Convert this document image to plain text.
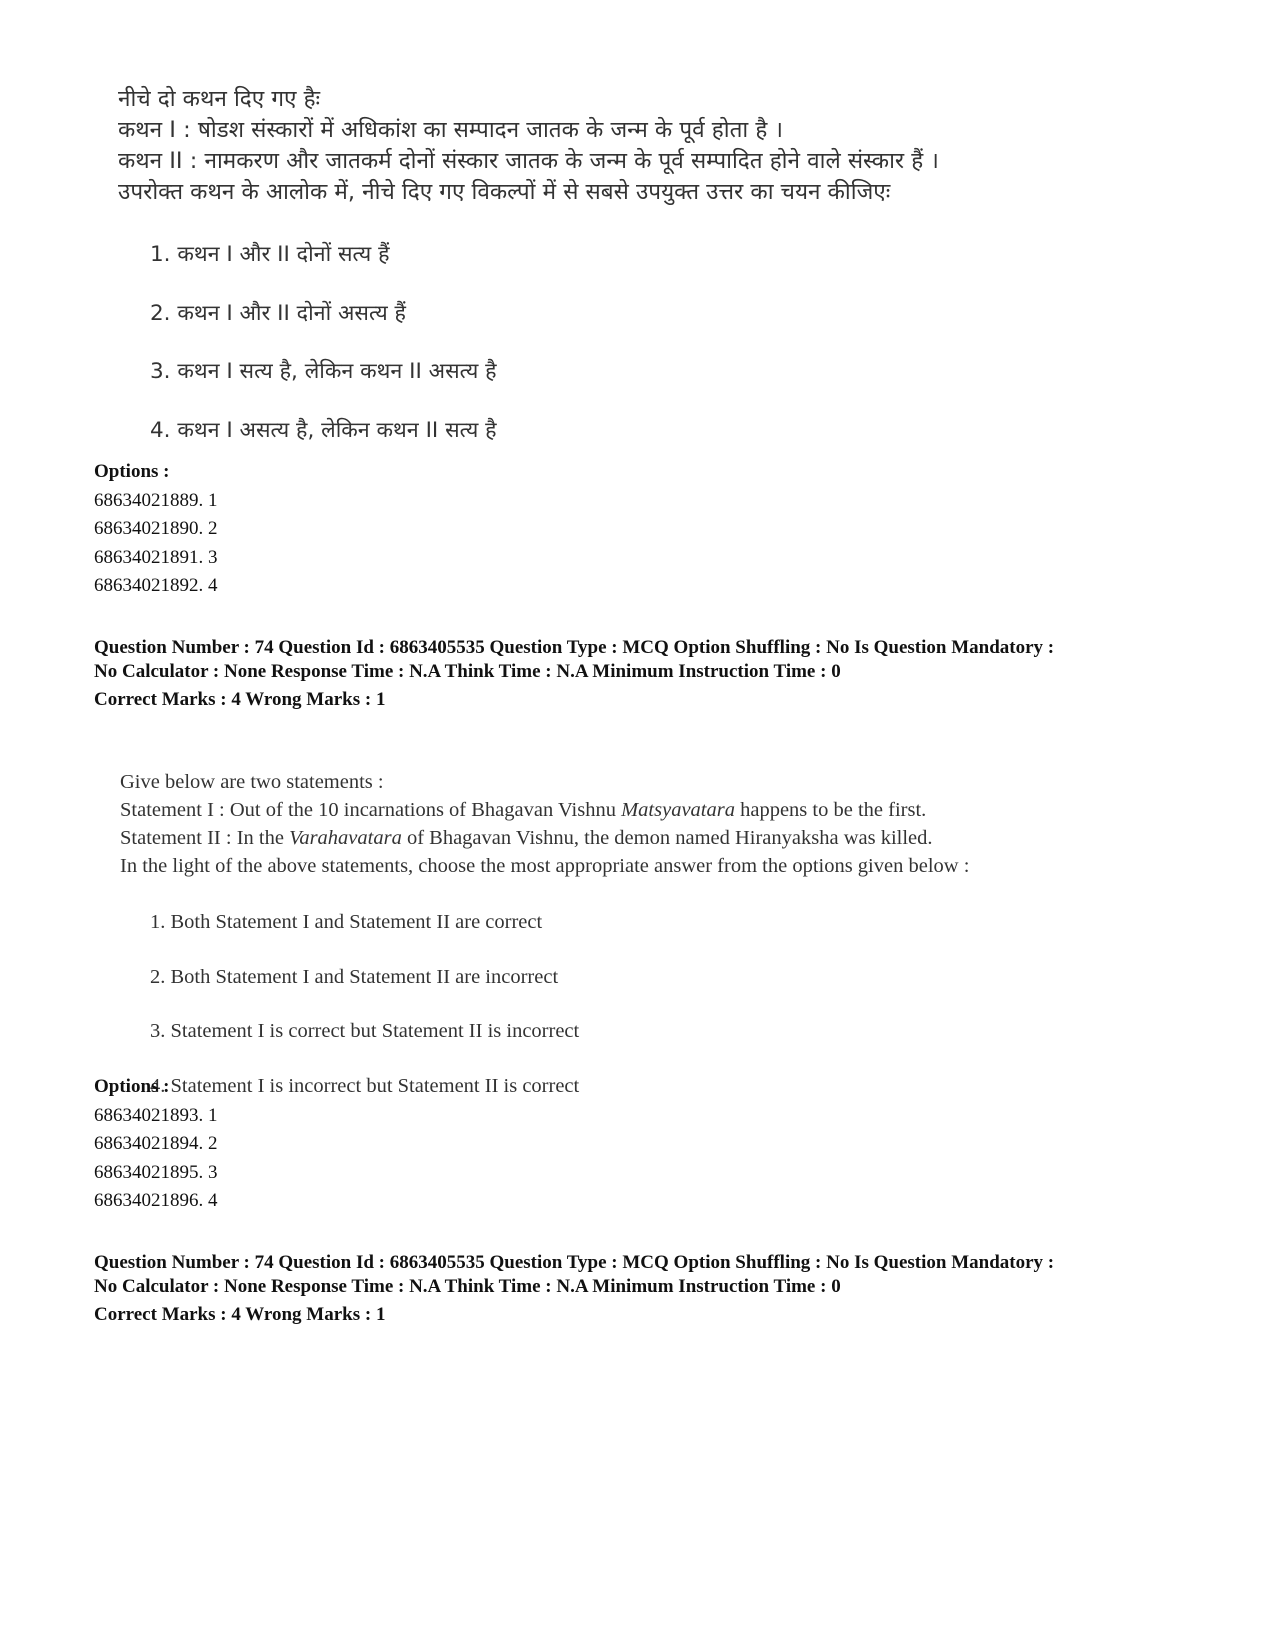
नीचे दो कथन दिए गए हैः
कथन I : षोडश संस्कारों में अधिकांश का सम्पादन जातक के जन्म के पूर्व होता है ।
कथन II : नामकरण और जातकर्म दोनों संस्कार जातक के जन्म के पूर्व सम्पादित होने वाले संस्कार हैं ।
उपरोक्त कथन के आलोक में, नीचे दिए गए विकल्पों में से सबसे उपयुक्त उत्तर का चयन कीजिएः
1. कथन I और II दोनों सत्य हैं
2. कथन I और II दोनों असत्य हैं
3. कथन I सत्य है, लेकिन कथन II असत्य है
4. कथन I असत्य है, लेकिन कथन II सत्य है
Options :
68634021889. 1
68634021890. 2
68634021891. 3
68634021892. 4
Question Number : 74 Question Id : 6863405535 Question Type : MCQ Option Shuffling : No Is Question Mandatory :
No Calculator : None Response Time : N.A Think Time : N.A Minimum Instruction Time : 0
Correct Marks : 4 Wrong Marks : 1
Give below are two statements :
Statement I : Out of the 10 incarnations of Bhagavan Vishnu Matsyavatara happens to be the first.
Statement II : In the Varahavatara of Bhagavan Vishnu, the demon named Hiranyaksha was killed.
In the light of the above statements, choose the most appropriate answer from the options given below :
1. Both Statement I and Statement II are correct
2. Both Statement I and Statement II are incorrect
3. Statement I is correct but Statement II is incorrect
4. Statement I is incorrect but Statement II is correct
Options :
68634021893. 1
68634021894. 2
68634021895. 3
68634021896. 4
Question Number : 74 Question Id : 6863405535 Question Type : MCQ Option Shuffling : No Is Question Mandatory :
No Calculator : None Response Time : N.A Think Time : N.A Minimum Instruction Time : 0
Correct Marks : 4 Wrong Marks : 1
